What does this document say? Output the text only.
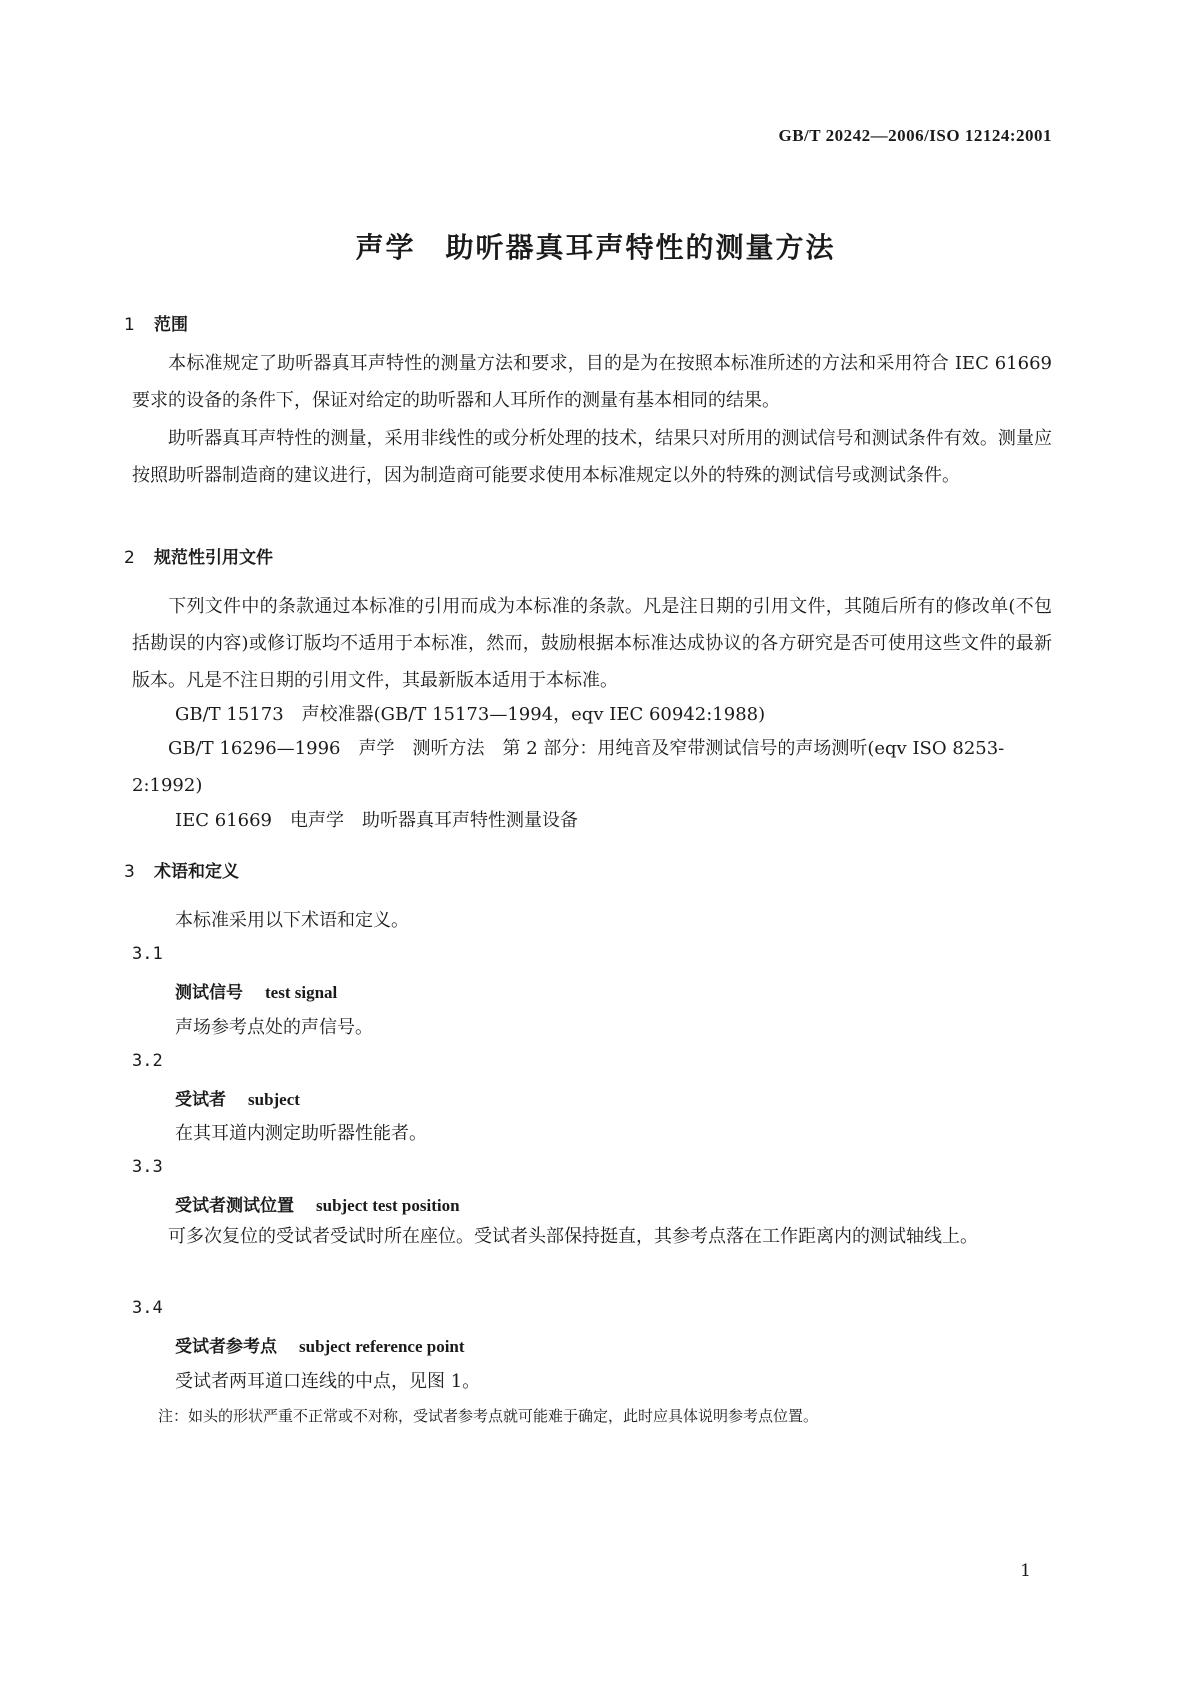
GB/T 20242—2006/ISO 12124:2001
声学　助听器真耳声特性的测量方法
1 范围
本标准规定了助听器真耳声特性的测量方法和要求，目的是为在按照本标准所述的方法和采用符合 IEC 61669 要求的设备的条件下，保证对给定的助听器和人耳所作的测量有基本相同的结果。
助听器真耳声特性的测量，采用非线性的或分析处理的技术，结果只对所用的测试信号和测试条件有效。测量应按照助听器制造商的建议进行，因为制造商可能要求使用本标准规定以外的特殊的测试信号或测试条件。
2 规范性引用文件
下列文件中的条款通过本标准的引用而成为本标准的条款。凡是注日期的引用文件，其随后所有的修改单(不包括勘误的内容)或修订版均不适用于本标准，然而，鼓励根据本标准达成协议的各方研究是否可使用这些文件的最新版本。凡是不注日期的引用文件，其最新版本适用于本标准。
GB/T 15173　声校准器(GB/T 15173—1994，eqv IEC 60942:1988)
GB/T 16296—1996　声学　测听方法　第 2 部分：用纯音及窄带测试信号的声场测听(eqv ISO 8253-2:1992)
IEC 61669　电声学　助听器真耳声特性测量设备
3 术语和定义
本标准采用以下术语和定义。
3.1
测试信号 test signal
声场参考点处的声信号。
3.2
受试者 subject
在其耳道内测定助听器性能者。
3.3
受试者测试位置 subject test position
可多次复位的受试者受试时所在座位。受试者头部保持挺直，其参考点落在工作距离内的测试轴线上。
3.4
受试者参考点 subject reference point
受试者两耳道口连线的中点，见图 1。
注：如头的形状严重不正常或不对称，受试者参考点就可能难于确定，此时应具体说明参考点位置。
1
